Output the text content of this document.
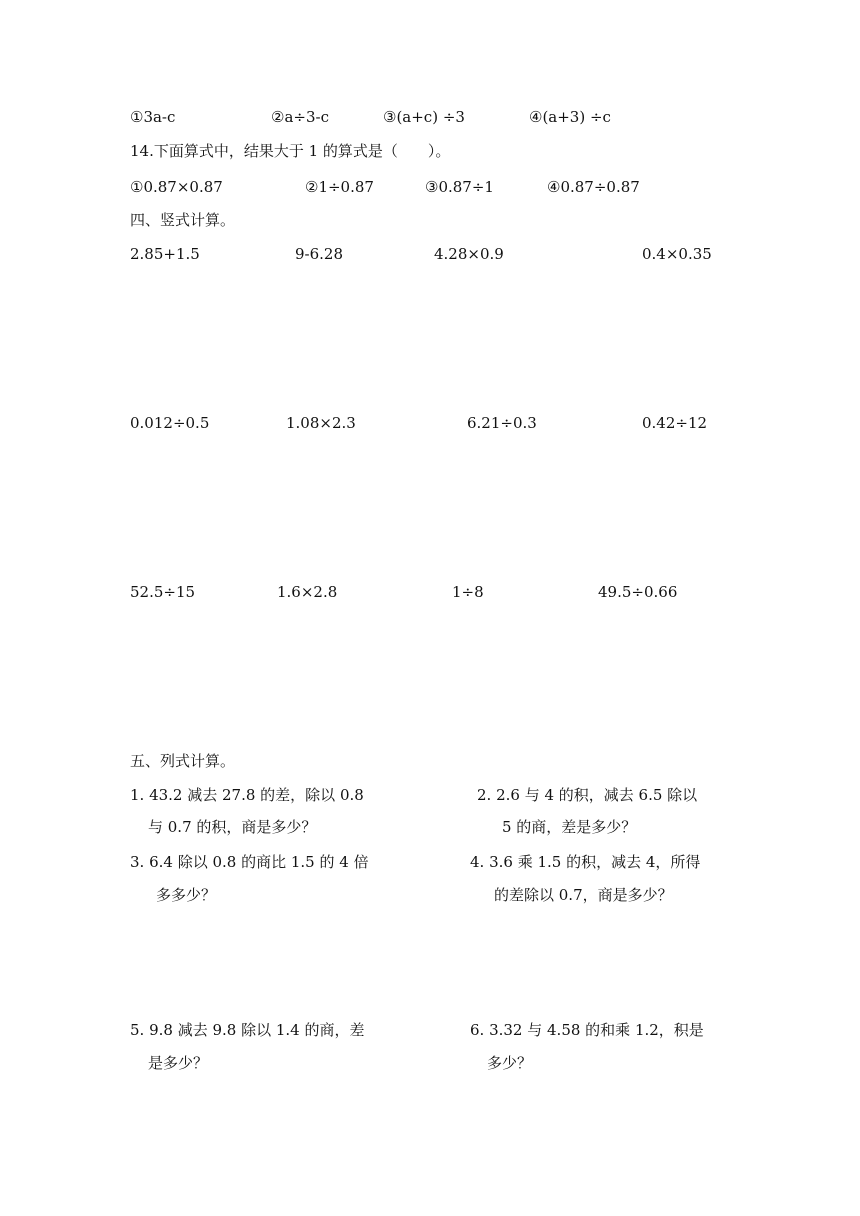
①3a-c	②a÷3-c	③(a+c) ÷3	④(a+3) ÷c
14.下面算式中，结果大于 1 的算式是（　　）。
①0.87×0.87	②1÷0.87	③0.87÷1	④0.87÷0.87
四、竖式计算。
2.85+1.5	9-6.28	4.28×0.9	0.4×0.35
0.012÷0.5	1.08×2.3	6.21÷0.3	0.42÷12
52.5÷15	1.6×2.8	1÷8	49.5÷0.66
五、列式计算。
1. 43.2 减去 27.8 的差，除以 0.8
与 0.7 的积，商是多少？
2. 2.6 与 4 的积，减去 6.5 除以
5 的商，差是多少？
3. 6.4 除以 0.8 的商比 1.5 的 4 倍
多多少？
4. 3.6 乘 1.5 的积，减去 4，所得
的差除以 0.7，商是多少？
5. 9.8 减去 9.8 除以 1.4 的商，差
是多少？
6. 3.32 与 4.58 的和乘 1.2，积是
多少？
